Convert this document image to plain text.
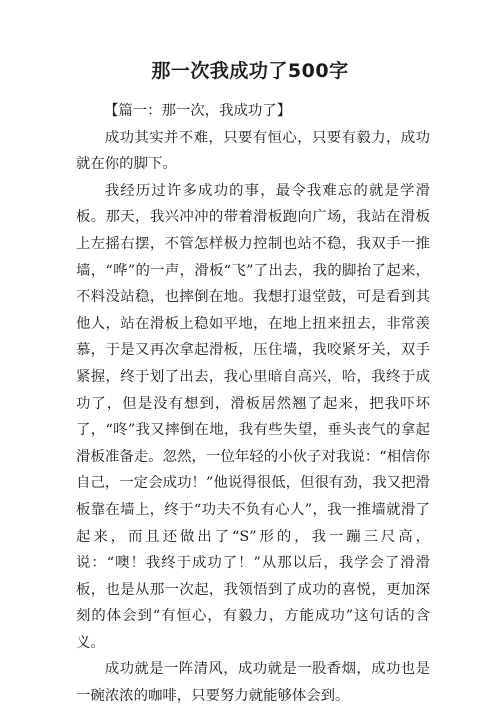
那一次我成功了500字

【篇一：那一次，我成功了】

成功其实并不难，只要有恒心，只要有毅力，成功就在你的脚下。

我经历过许多成功的事，最令我难忘的就是学滑板。那天，我兴冲冲的带着滑板跑向广场，我站在滑板上左摇右摆，不管怎样极力控制也站不稳，我双手一推墙，“哗”的一声，滑板“飞”了出去，我的脚抬了起来，不料没站稳，也摔倒在地。我想打退堂鼓，可是看到其他人，站在滑板上稳如平地，在地上扭来扭去，非常羡慕，于是又再次拿起滑板，压住墙，我咬紧牙关，双手紧握，终于划了出去，我心里暗自高兴，哈，我终于成功了，但是没有想到，滑板居然翘了起来，把我吓坏了，“咚”我又摔倒在地，我有些失望，垂头丧气的拿起滑板准备走。忽然，一位年轻的小伙子对我说：“相信你自己，一定会成功！”他说得很低，但很有劲，我又把滑板靠在墙上，终于“功夫不负有心人”，我一推墙就滑了起来，而且还做出了“S”形的，我一蹦三尺高，说：“噢！我终于成功了！”从那以后，我学会了滑滑板，也是从那一次起，我领悟到了成功的喜悦，更加深刻的体会到“有恒心，有毅力，方能成功”这句话的含义。

成功就是一阵清风，成功就是一股香烟，成功也是一碗浓浓的咖啡，只要努力就能够体会到。
